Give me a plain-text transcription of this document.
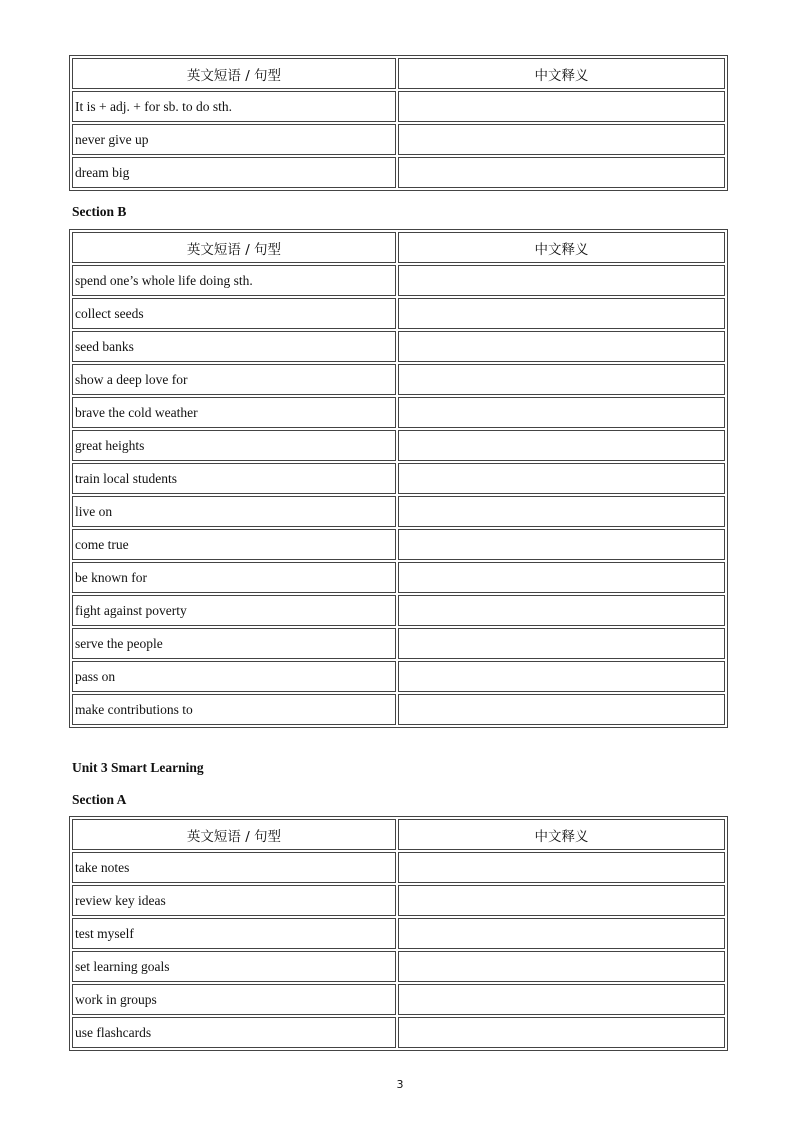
英文短语 / 句型	中文释义
It is + adj. + for sb. to do sth.	
never give up	
dream big	

Section B

英文短语 / 句型	中文释义
spend one’s whole life doing sth.	
collect seeds	
seed banks	
show a deep love for	
brave the cold weather	
great heights	
train local students	
live on	
come true	
be known for	
fight against poverty	
serve the people	
pass on	
make contributions to	

Unit 3 Smart Learning

Section A

英文短语 / 句型	中文释义
take notes	
review key ideas	
test myself	
set learning goals	
work in groups	
use flashcards	
3
